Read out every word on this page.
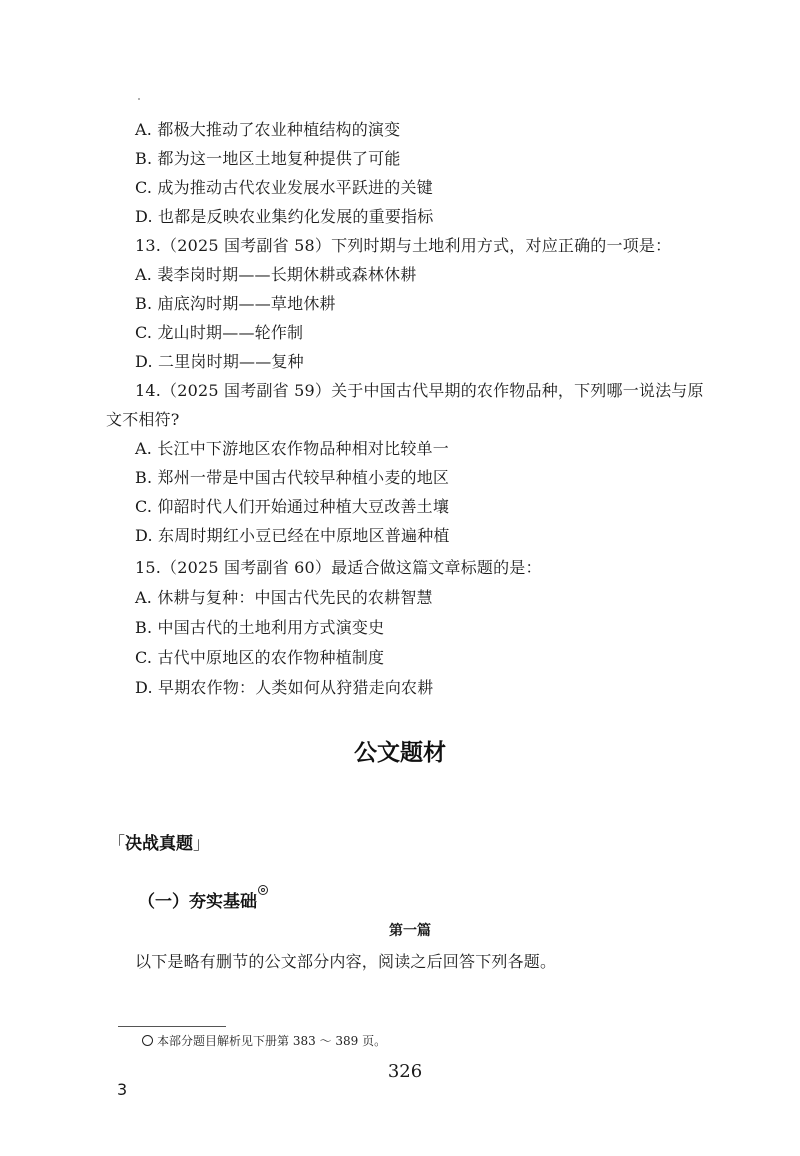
A. 都极大推动了农业种植结构的演变
B. 都为这一地区土地复种提供了可能
C. 成为推动古代农业发展水平跃进的关键
D. 也都是反映农业集约化发展的重要指标
13.（2025 国考副省 58）下列时期与土地利用方式，对应正确的一项是：
A. 裴李岗时期——长期休耕或森林休耕
B. 庙底沟时期——草地休耕
C. 龙山时期——轮作制
D. 二里岗时期——复种
14.（2025 国考副省 59）关于中国古代早期的农作物品种，下列哪一说法与原
文不相符?
A. 长江中下游地区农作物品种相对比较单一
B. 郑州一带是中国古代较早种植小麦的地区
C. 仰韶时代人们开始通过种植大豆改善土壤
D. 东周时期红小豆已经在中原地区普遍种植
15.（2025 国考副省 60）最适合做这篇文章标题的是：
A. 休耕与复种：中国古代先民的农耕智慧
B. 中国古代的土地利用方式演变史
C. 古代中原地区的农作物种植制度
D. 早期农作物：人类如何从狩猎走向农耕
公文题材
「决战真题」
（一）夯实基础
第一篇
以下是略有删节的公文部分内容，阅读之后回答下列各题。
本部分题目解析见下册第 383 ～ 389 页。
326
3
